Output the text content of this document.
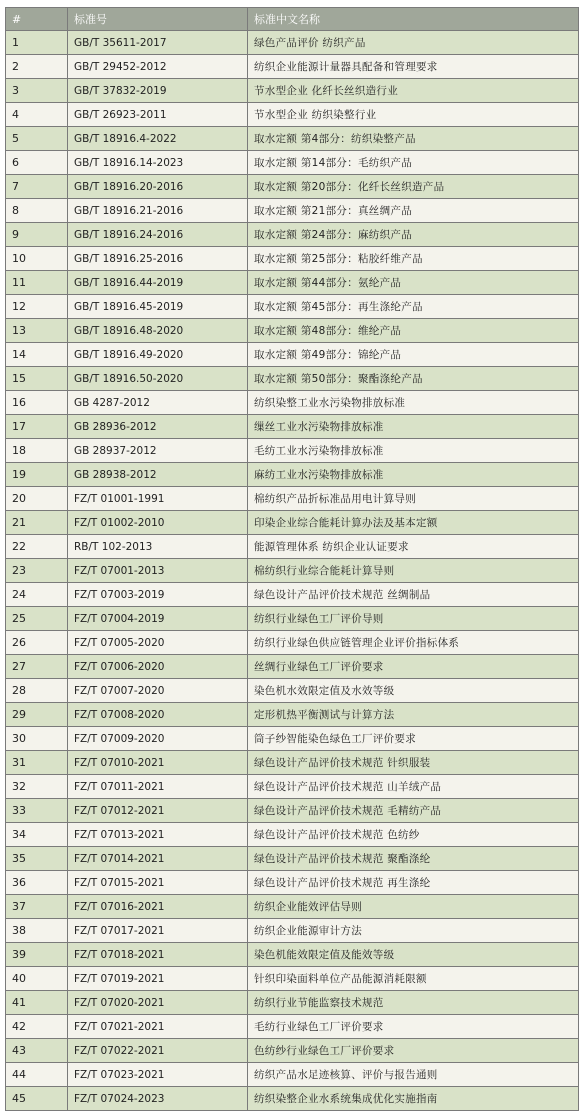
#	标准号	标准中文名称
1	GB/T 35611-2017	绿色产品评价 纺织产品
2	GB/T 29452-2012	纺织企业能源计量器具配备和管理要求
3	GB/T 37832-2019	节水型企业 化纤长丝织造行业
4	GB/T 26923-2011	节水型企业 纺织染整行业
5	GB/T 18916.4-2022	取水定额 第4部分：纺织染整产品
6	GB/T 18916.14-2023	取水定额 第14部分：毛纺织产品
7	GB/T 18916.20-2016	取水定额 第20部分：化纤长丝织造产品
8	GB/T 18916.21-2016	取水定额 第21部分：真丝绸产品
9	GB/T 18916.24-2016	取水定额 第24部分：麻纺织产品
10	GB/T 18916.25-2016	取水定额 第25部分：粘胶纤维产品
11	GB/T 18916.44-2019	取水定额 第44部分：氨纶产品
12	GB/T 18916.45-2019	取水定额 第45部分：再生涤纶产品
13	GB/T 18916.48-2020	取水定额 第48部分：维纶产品
14	GB/T 18916.49-2020	取水定额 第49部分：锦纶产品
15	GB/T 18916.50-2020	取水定额 第50部分：聚酯涤纶产品
16	GB 4287-2012	纺织染整工业水污染物排放标准
17	GB 28936-2012	缫丝工业水污染物排放标准
18	GB 28937-2012	毛纺工业水污染物排放标准
19	GB 28938-2012	麻纺工业水污染物排放标准
20	FZ/T 01001-1991	棉纺织产品折标准品用电计算导则
21	FZ/T 01002-2010	印染企业综合能耗计算办法及基本定额
22	RB/T 102-2013	能源管理体系 纺织企业认证要求
23	FZ/T 07001-2013	棉纺织行业综合能耗计算导则
24	FZ/T 07003-2019	绿色设计产品评价技术规范 丝绸制品
25	FZ/T 07004-2019	纺织行业绿色工厂评价导则
26	FZ/T 07005-2020	纺织行业绿色供应链管理企业评价指标体系
27	FZ/T 07006-2020	丝绸行业绿色工厂评价要求
28	FZ/T 07007-2020	染色机水效限定值及水效等级
29	FZ/T 07008-2020	定形机热平衡测试与计算方法
30	FZ/T 07009-2020	筒子纱智能染色绿色工厂评价要求
31	FZ/T 07010-2021	绿色设计产品评价技术规范 针织服装
32	FZ/T 07011-2021	绿色设计产品评价技术规范 山羊绒产品
33	FZ/T 07012-2021	绿色设计产品评价技术规范 毛精纺产品
34	FZ/T 07013-2021	绿色设计产品评价技术规范 色纺纱
35	FZ/T 07014-2021	绿色设计产品评价技术规范 聚酯涤纶
36	FZ/T 07015-2021	绿色设计产品评价技术规范 再生涤纶
37	FZ/T 07016-2021	纺织企业能效评估导则
38	FZ/T 07017-2021	纺织企业能源审计方法
39	FZ/T 07018-2021	染色机能效限定值及能效等级
40	FZ/T 07019-2021	针织印染面料单位产品能源消耗限额
41	FZ/T 07020-2021	纺织行业节能监察技术规范
42	FZ/T 07021-2021	毛纺行业绿色工厂评价要求
43	FZ/T 07022-2021	色纺纱行业绿色工厂评价要求
44	FZ/T 07023-2021	纺织产品水足迹核算、评价与报告通则
45	FZ/T 07024-2023	纺织染整企业水系统集成优化实施指南
